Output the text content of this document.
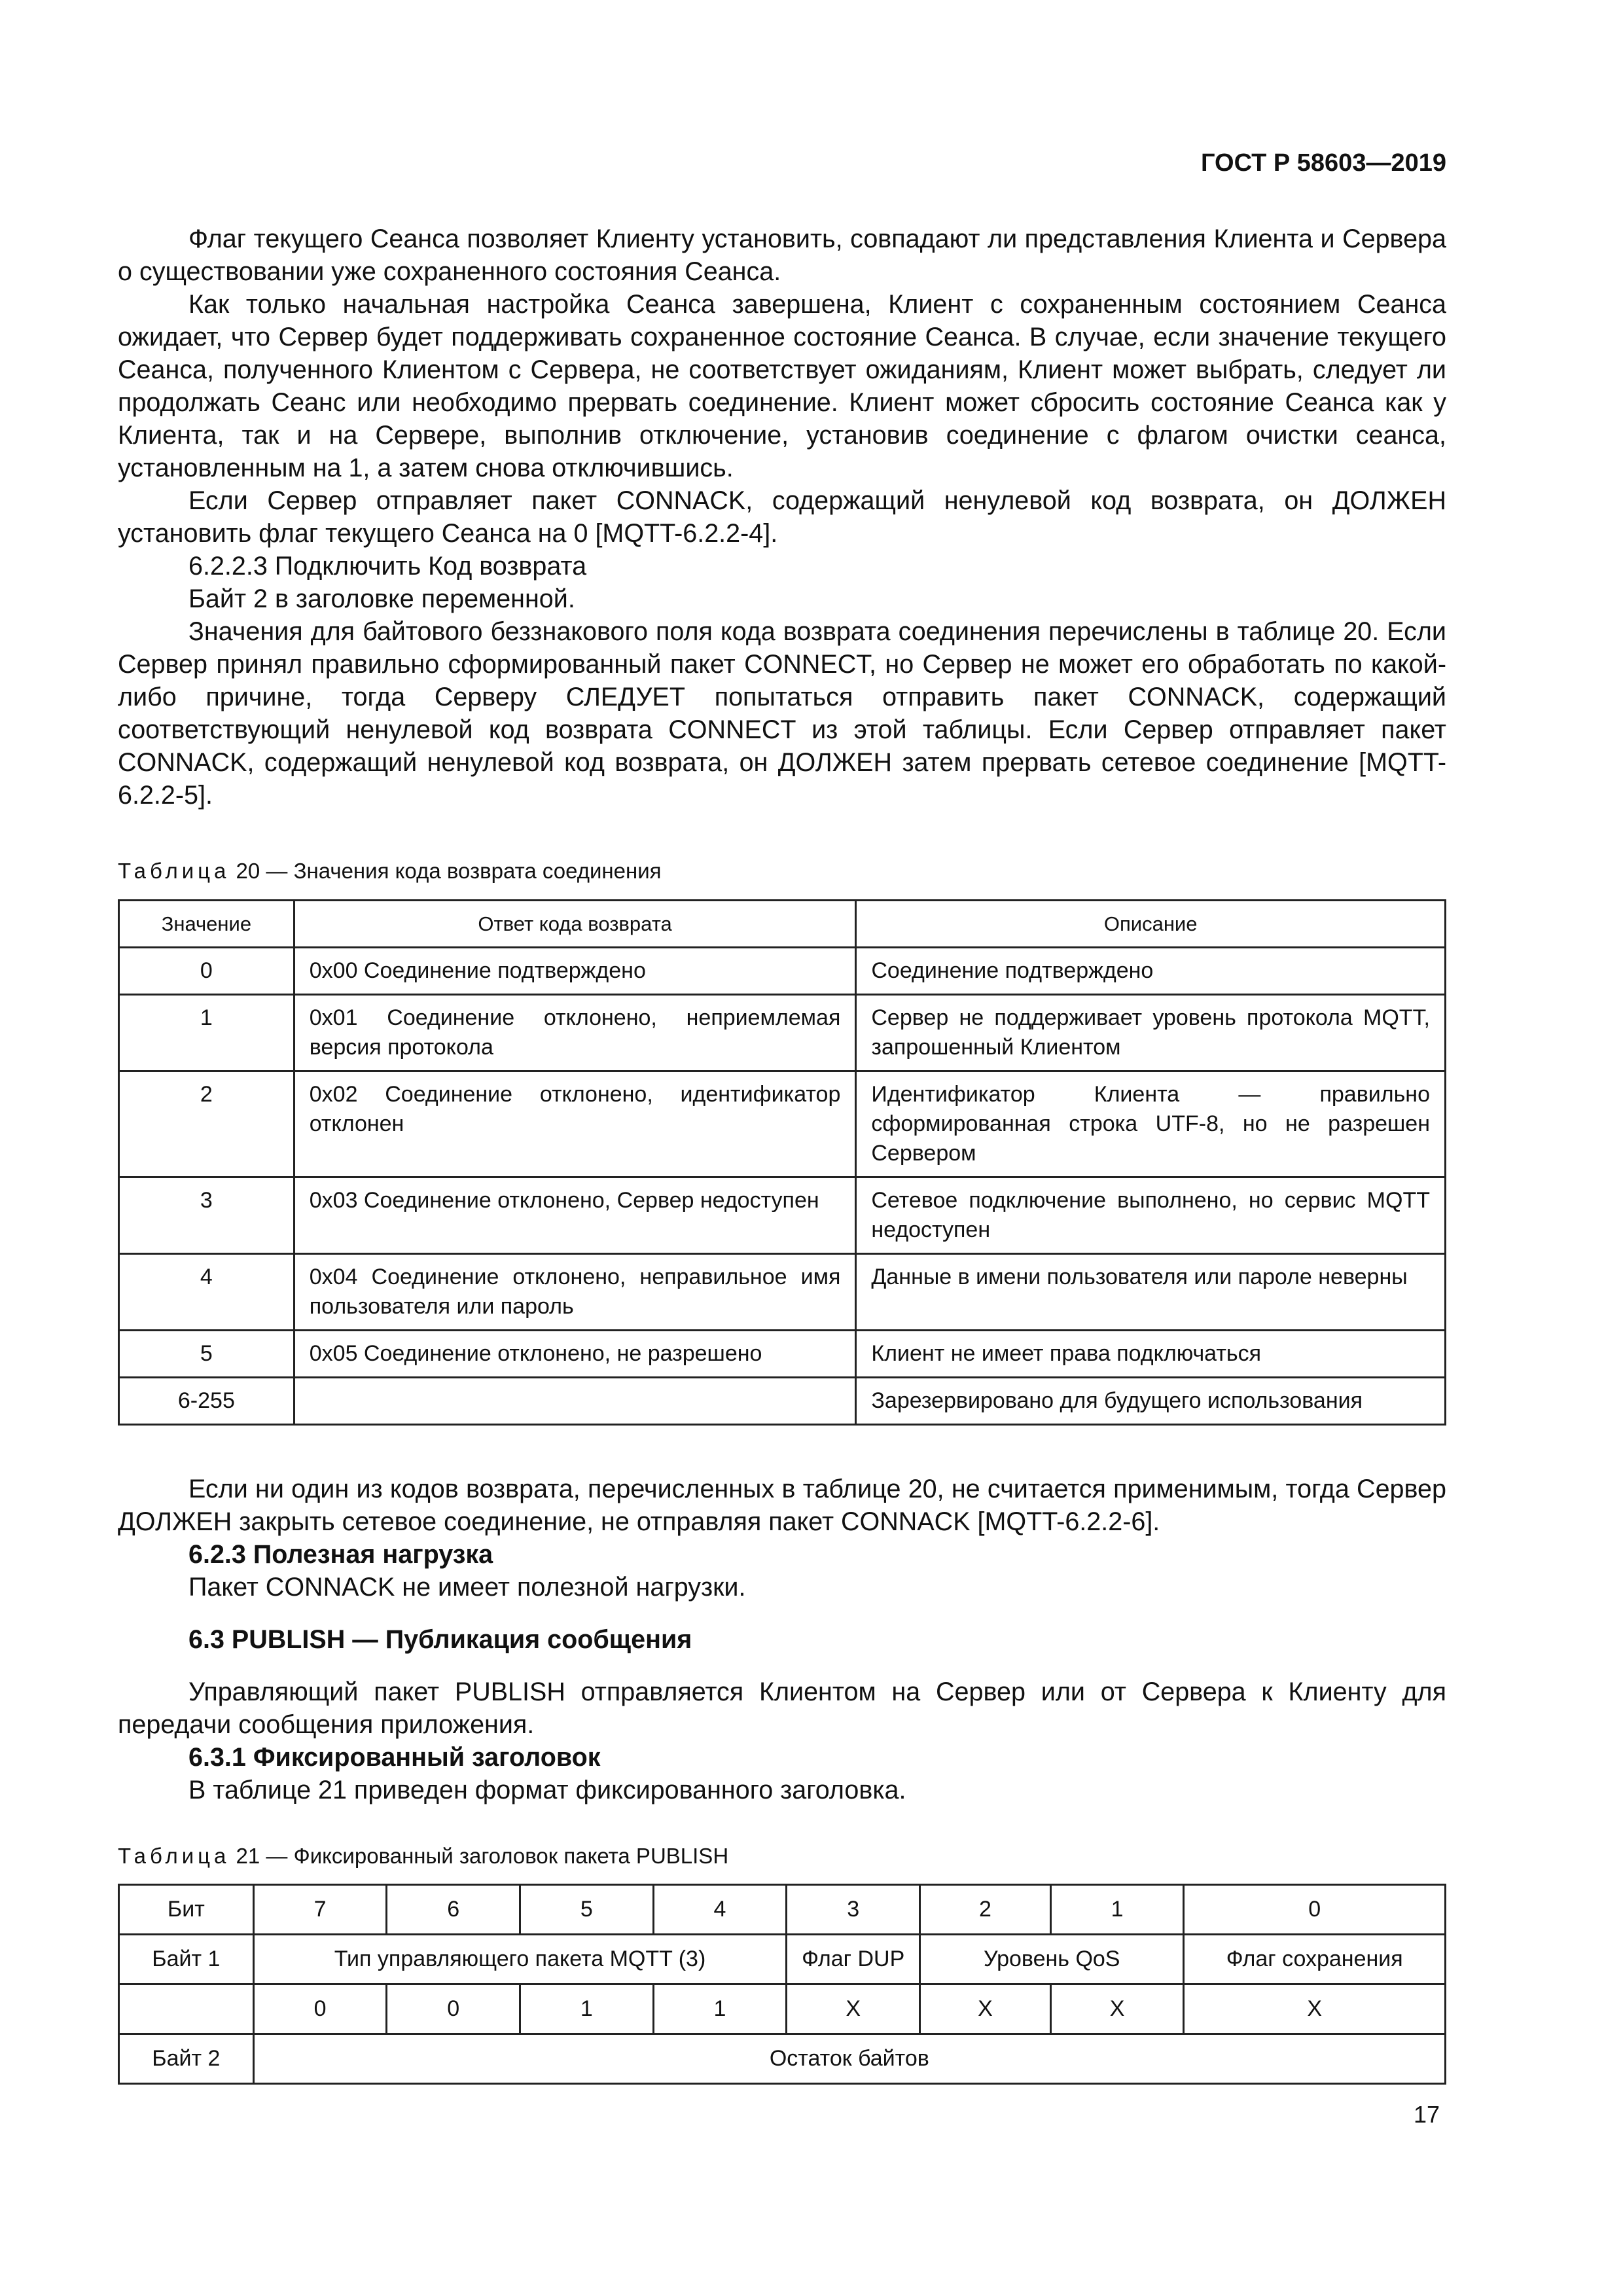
ГОСТ Р 58603—2019

Флаг текущего Сеанса позволяет Клиенту установить, совпадают ли представления Клиента и Сервера о существовании уже сохраненного состояния Сеанса.

Как только начальная настройка Сеанса завершена, Клиент с сохраненным состоянием Сеанса ожидает, что Сервер будет поддерживать сохраненное состояние Сеанса. В случае, если значение текущего Сеанса, полученного Клиентом с Сервера, не соответствует ожиданиям, Клиент может выбрать, следует ли продолжать Сеанс или необходимо прервать соединение. Клиент может сбросить состояние Сеанса как у Клиента, так и на Сервере, выполнив отключение, установив соединение с флагом очистки сеанса, установленным на 1, а затем снова отключившись.

Если Сервер отправляет пакет CONNACK, содержащий ненулевой код возврата, он ДОЛЖЕН установить флаг текущего Сеанса на 0 [MQTT-6.2.2-4].

6.2.2.3 Подключить Код возврата

Байт 2 в заголовке переменной.

Значения для байтового беззнакового поля кода возврата соединения перечислены в таблице 20. Если Сервер принял правильно сформированный пакет CONNECT, но Сервер не может его обработать по какой-либо причине, тогда Серверу СЛЕДУЕТ попытаться отправить пакет CONNACK, содержащий соответствующий ненулевой код возврата CONNECT из этой таблицы. Если Сервер отправляет пакет CONNACK, содержащий ненулевой код возврата, он ДОЛЖЕН затем прервать сетевое соединение [MQTT-6.2.2-5].

Таблица 20 — Значения кода возврата соединения
Значение	Ответ кода возврата	Описание
0	0x00 Соединение подтверждено	Соединение подтверждено
1	0x01 Соединение отклонено, неприемлемая версия протокола	Сервер не поддерживает уровень протокола MQTT, запрошенный Клиентом
2	0x02 Соединение отклонено, идентификатор отклонен	Идентификатор Клиента — правильно сформированная строка UTF-8, но не разрешен Сервером
3	0x03 Соединение отклонено, Сервер недоступен	Сетевое подключение выполнено, но сервис MQTT недоступен
4	0x04 Соединение отклонено, неправильное имя пользователя или пароль	Данные в имени пользователя или пароле неверны
5	0x05 Соединение отклонено, не разрешено	Клиент не имеет права подключаться
6-255		Зарезервировано для будущего использования

Если ни один из кодов возврата, перечисленных в таблице 20, не считается применимым, тогда Сервер ДОЛЖЕН закрыть сетевое соединение, не отправляя пакет CONNACK [MQTT-6.2.2-6].

6.2.3 Полезная нагрузка

Пакет CONNACK не имеет полезной нагрузки.

6.3 PUBLISH — Публикация сообщения

Управляющий пакет PUBLISH отправляется Клиентом на Сервер или от Сервера к Клиенту для передачи сообщения приложения.

6.3.1 Фиксированный заголовок

В таблице 21 приведен формат фиксированного заголовка.

Таблица 21 — Фиксированный заголовок пакета PUBLISH
Бит	7	6	5	4	3	2	1	0
Байт 1	Тип управляющего пакета MQTT (3)				Флаг DUP	Уровень QoS		Флаг сохранения
	0	0	1	1	X	X	X	X
Байт 2	Остаток байтов							
17
